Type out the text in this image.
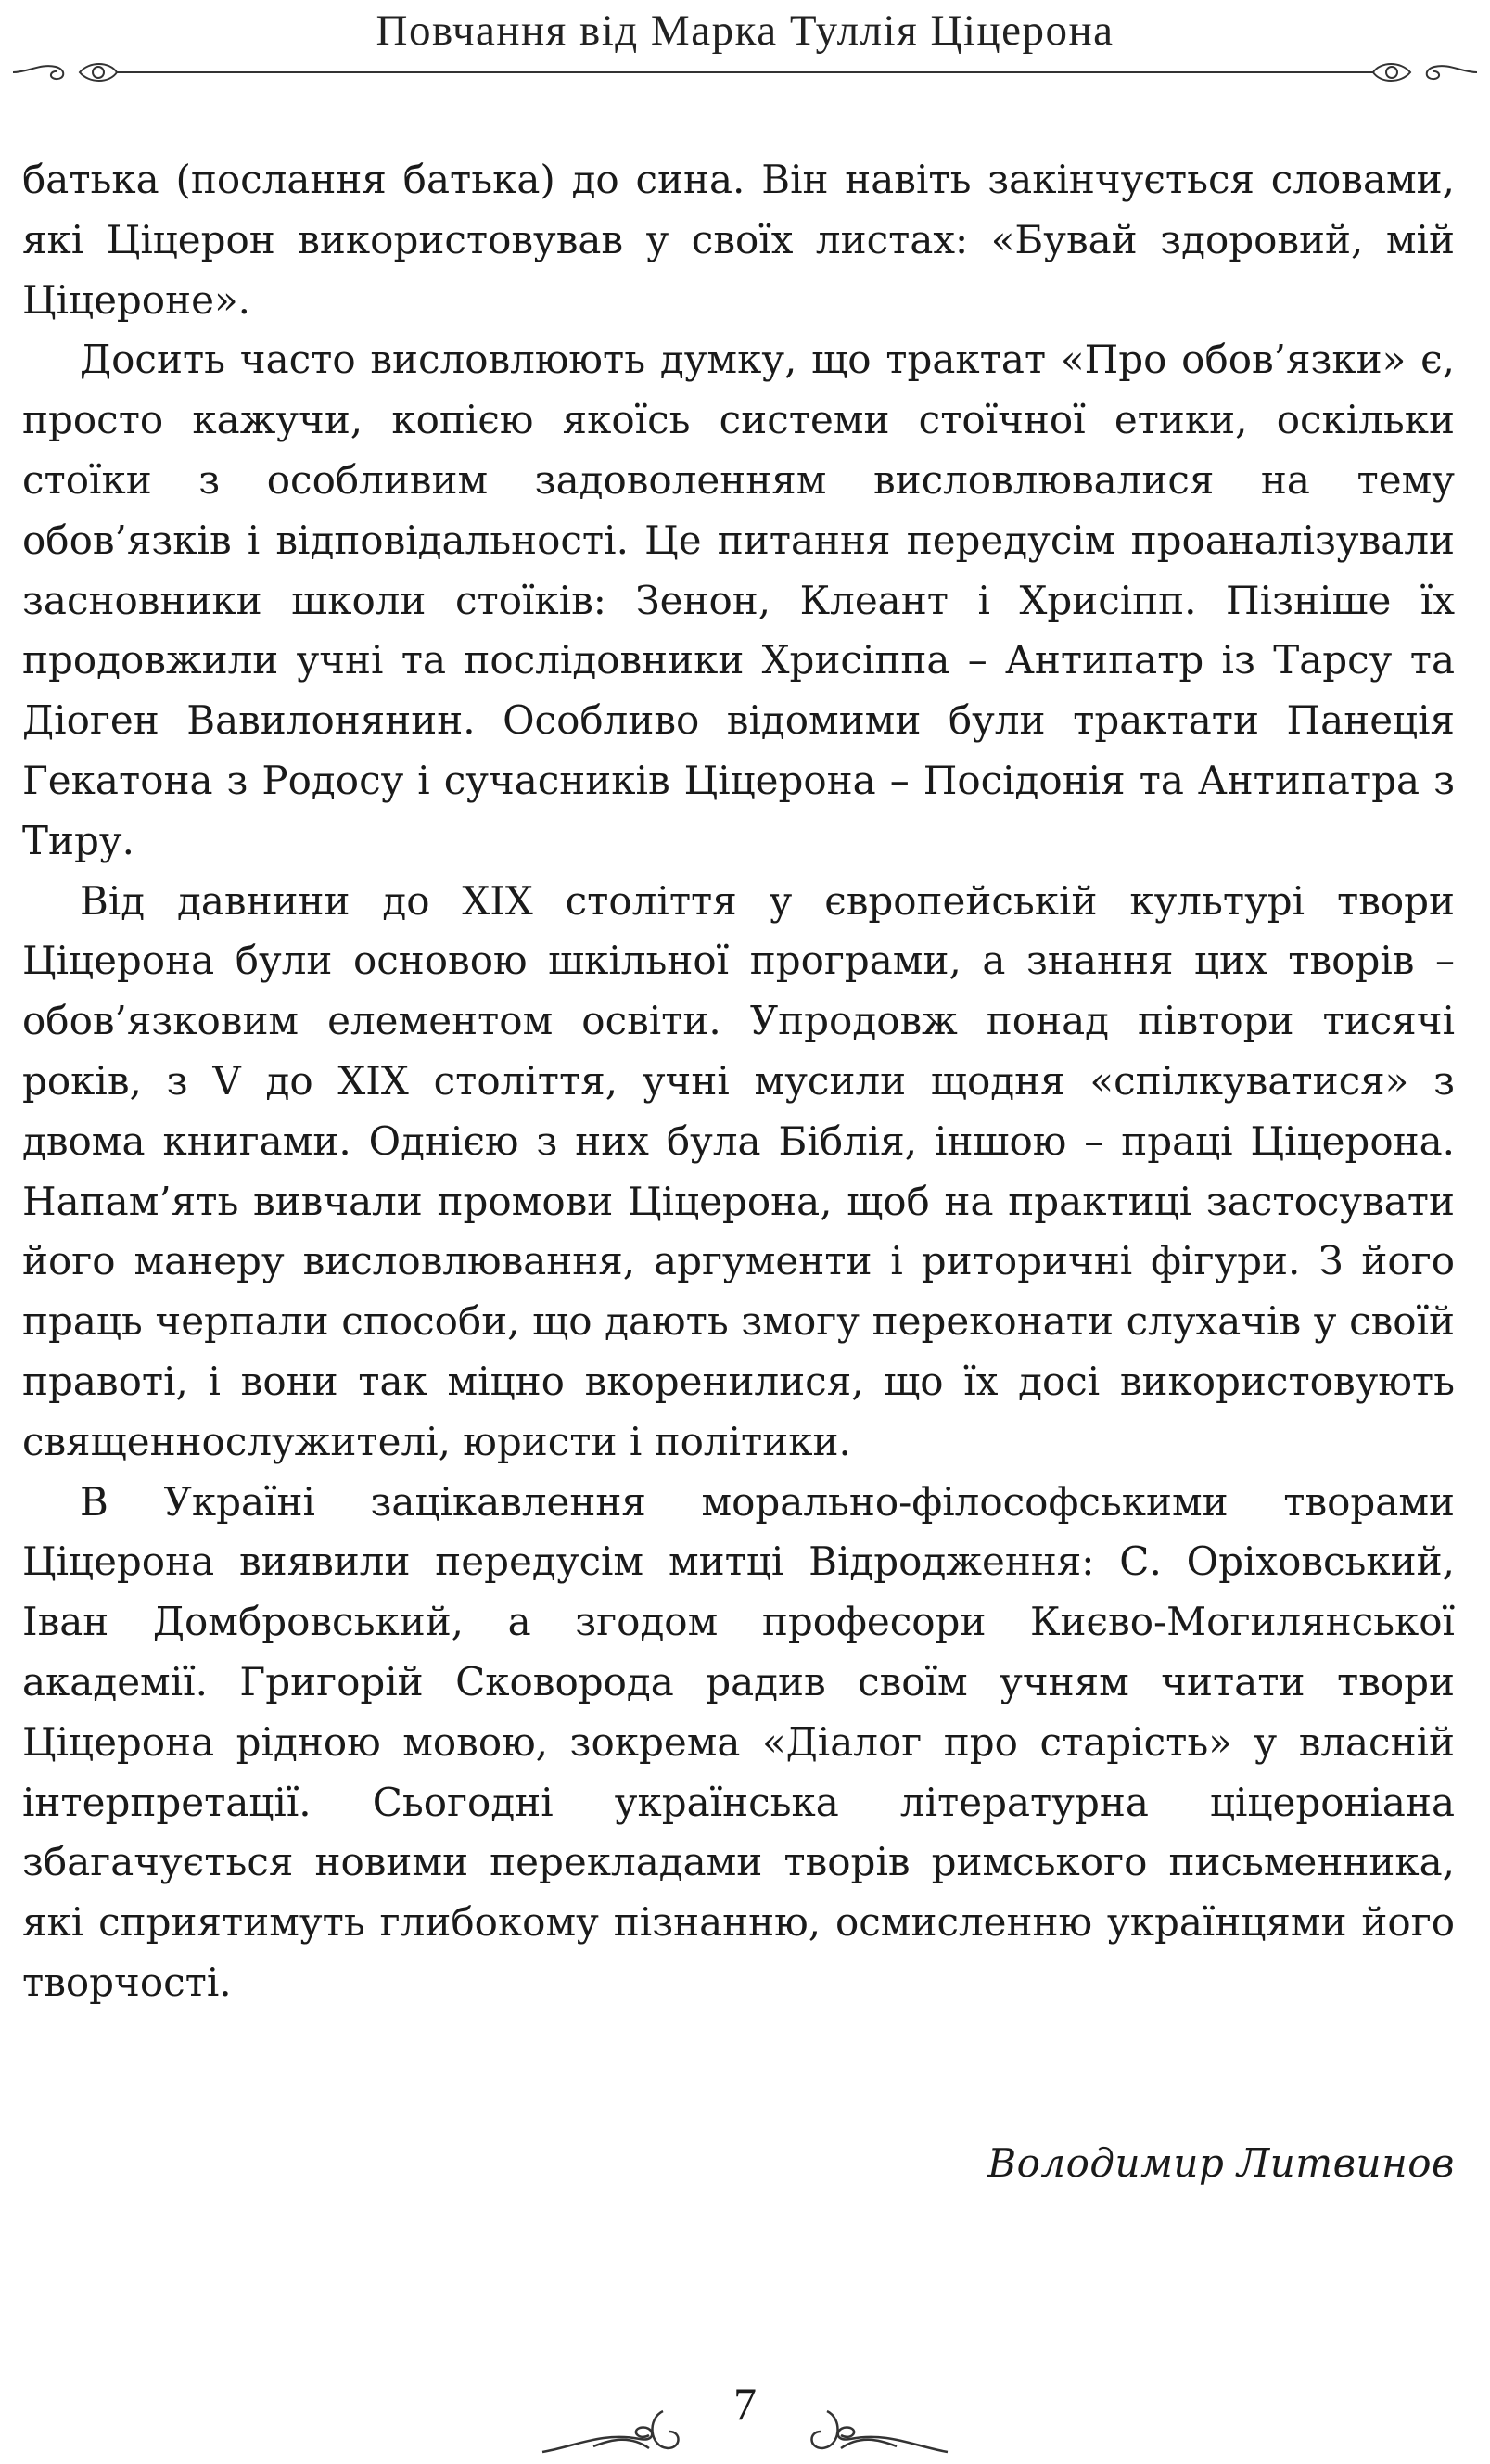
Повчання від Марка Туллія Ціцерона

батька (послання батька) до сина. Він навіть закінчується словами, які Ціцерон використовував у своїх листах: «Бувай здоровий, мій Ціцероне».

Досить часто висловлюють думку, що трактат «Про обов’язки» є, просто кажучи, копією якоїсь системи стоїчної етики, оскільки стоїки з особливим задоволенням висловлювалися на тему обов’язків і відповідальності. Це питання передусім проаналізували засновники школи стоїків: Зенон, Клеант і Хрисіпп. Пізніше їх продовжили учні та послідовники Хрисіппа – Антипатр із Тарсу та Діоген Вавилонянин. Особливо відомими були трактати Панеція Гекатона з Родосу і сучасників Ціцерона – Посідонія та Антипатра з Тиру.

Від давнини до XIX століття у європейській культурі твори Ціцерона були основою шкільної програми, а знання цих творів – обов’язковим елементом освіти. Упродовж понад півтори тисячі років, з V до XIX століття, учні мусили щодня «спілкуватися» з двома книгами. Однією з них була Біблія, іншою – праці Ціцерона. Напам’ять вивчали промови Ціцерона, щоб на практиці застосувати його манеру висловлювання, аргументи і риторичні фігури. З його праць черпали способи, що дають змогу переконати слухачів у своїй правоті, і вони так міцно вкоренилися, що їх досі використовують священнослужителі, юристи і політики.

В Україні зацікавлення морально-філософськими творами Ціцерона виявили передусім митці Відродження: С. Оріховський, Іван Домбровський, а згодом професори Києво-Могилянської академії. Григорій Сковорода радив своїм учням читати твори Ціцерона рідною мовою, зокрема «Діалог про старість» у власній інтерпретації. Сьогодні українська літературна ціцероніана збагачується новими перекладами творів римського письменника, які сприятимуть глибокому пізнанню, осмисленню українцями його творчості.

Володимир Литвинов
7
